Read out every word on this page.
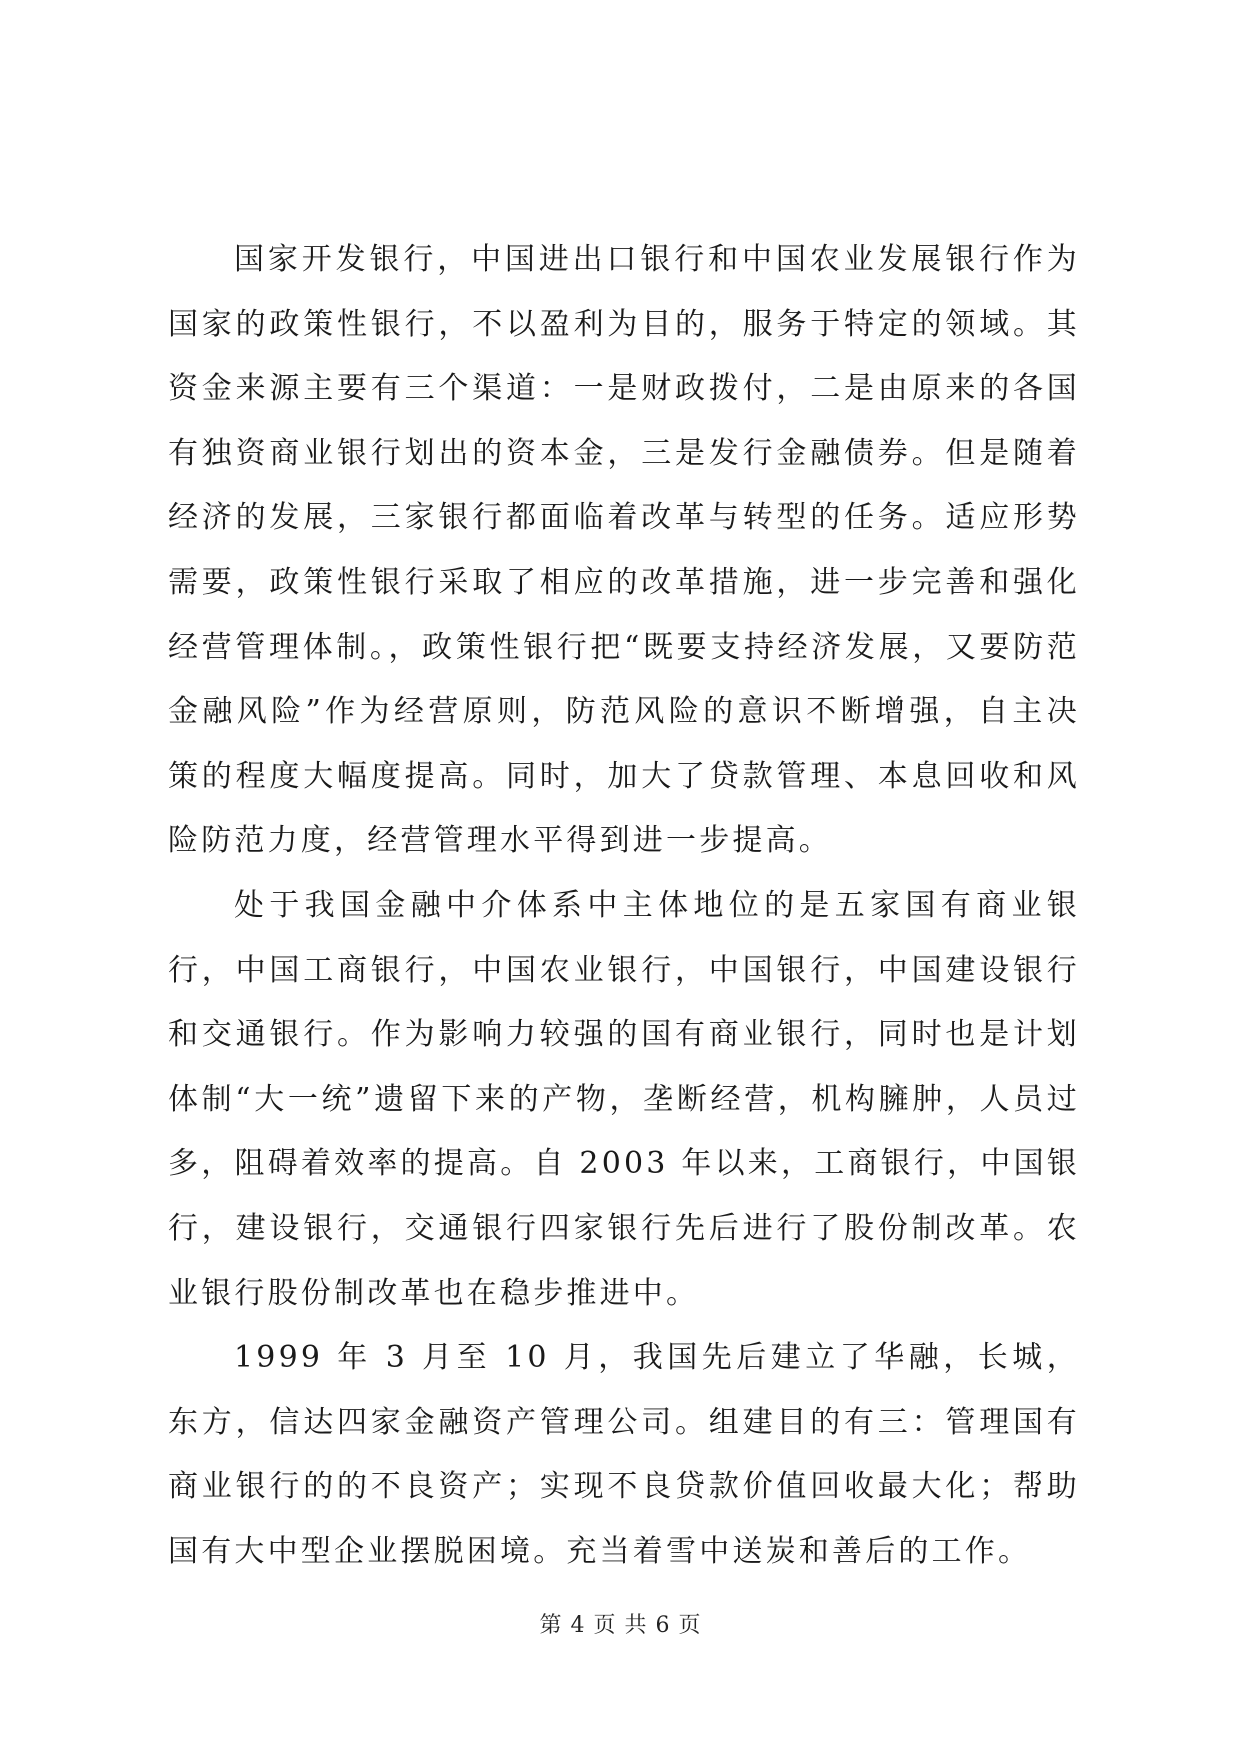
国家开发银行，中国进出口银行和中国农业发展银行作为国家的政策性银行，不以盈利为目的，服务于特定的领域。其资金来源主要有三个渠道：一是财政拨付，二是由原来的各国有独资商业银行划出的资本金，三是发行金融债券。但是随着经济的发展，三家银行都面临着改革与转型的任务。适应形势需要，政策性银行采取了相应的改革措施，进一步完善和强化经营管理体制。，政策性银行把“既要支持经济发展，又要防范金融风险”作为经营原则，防范风险的意识不断增强，自主决策的程度大幅度提高。同时，加大了贷款管理、本息回收和风险防范力度，经营管理水平得到进一步提高。

处于我国金融中介体系中主体地位的是五家国有商业银行，中国工商银行，中国农业银行，中国银行，中国建设银行和交通银行。作为影响力较强的国有商业银行，同时也是计划体制“大一统”遗留下来的产物，垄断经营，机构臃肿，人员过多，阻碍着效率的提高。自 2003 年以来，工商银行，中国银行，建设银行，交通银行四家银行先后进行了股份制改革。农业银行股份制改革也在稳步推进中。

1999 年 3 月至 10 月，我国先后建立了华融，长城，东方，信达四家金融资产管理公司。组建目的有三：管理国有商业银行的的不良资产；实现不良贷款价值回收最大化；帮助国有大中型企业摆脱困境。充当着雪中送炭和善后的工作。

第 4 页 共 6 页
